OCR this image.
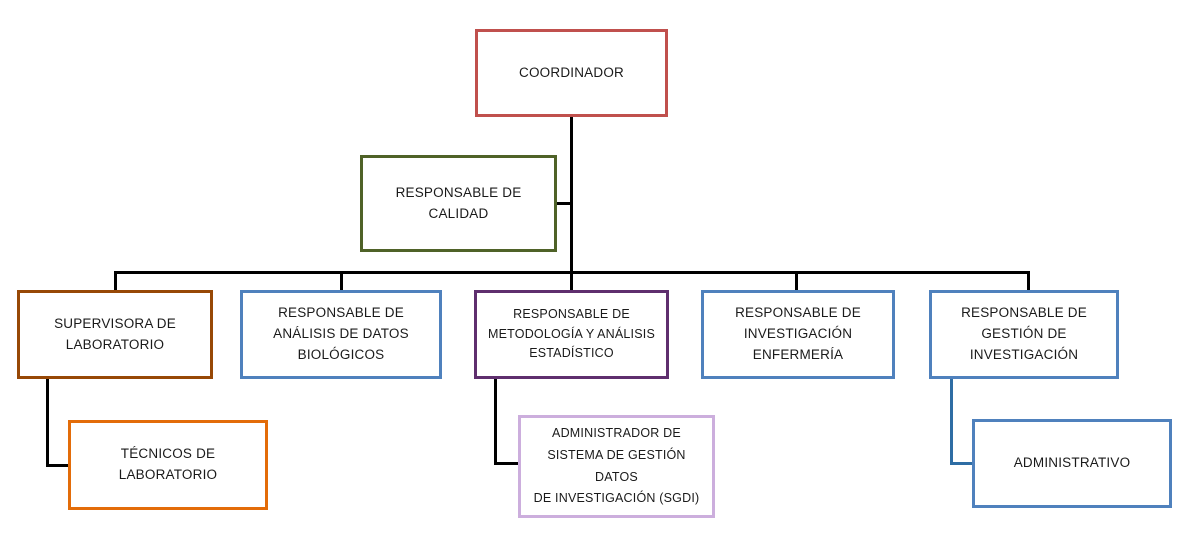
COORDINADOR
RESPONSABLE DE
CALIDAD
SUPERVISORA DE
LABORATORIO
RESPONSABLE DE
ANÁLISIS DE DATOS
BIOLÓGICOS
RESPONSABLE DE
METODOLOGÍA Y ANÁLISIS
ESTADÍSTICO
RESPONSABLE DE
INVESTIGACIÓN
ENFERMERÍA
RESPONSABLE DE
GESTIÓN DE
INVESTIGACIÓN
TÉCNICOS DE
LABORATORIO
ADMINISTRADOR DE
SISTEMA DE GESTIÓN
DATOS
DE INVESTIGACIÓN (SGDI)
ADMINISTRATIVO
